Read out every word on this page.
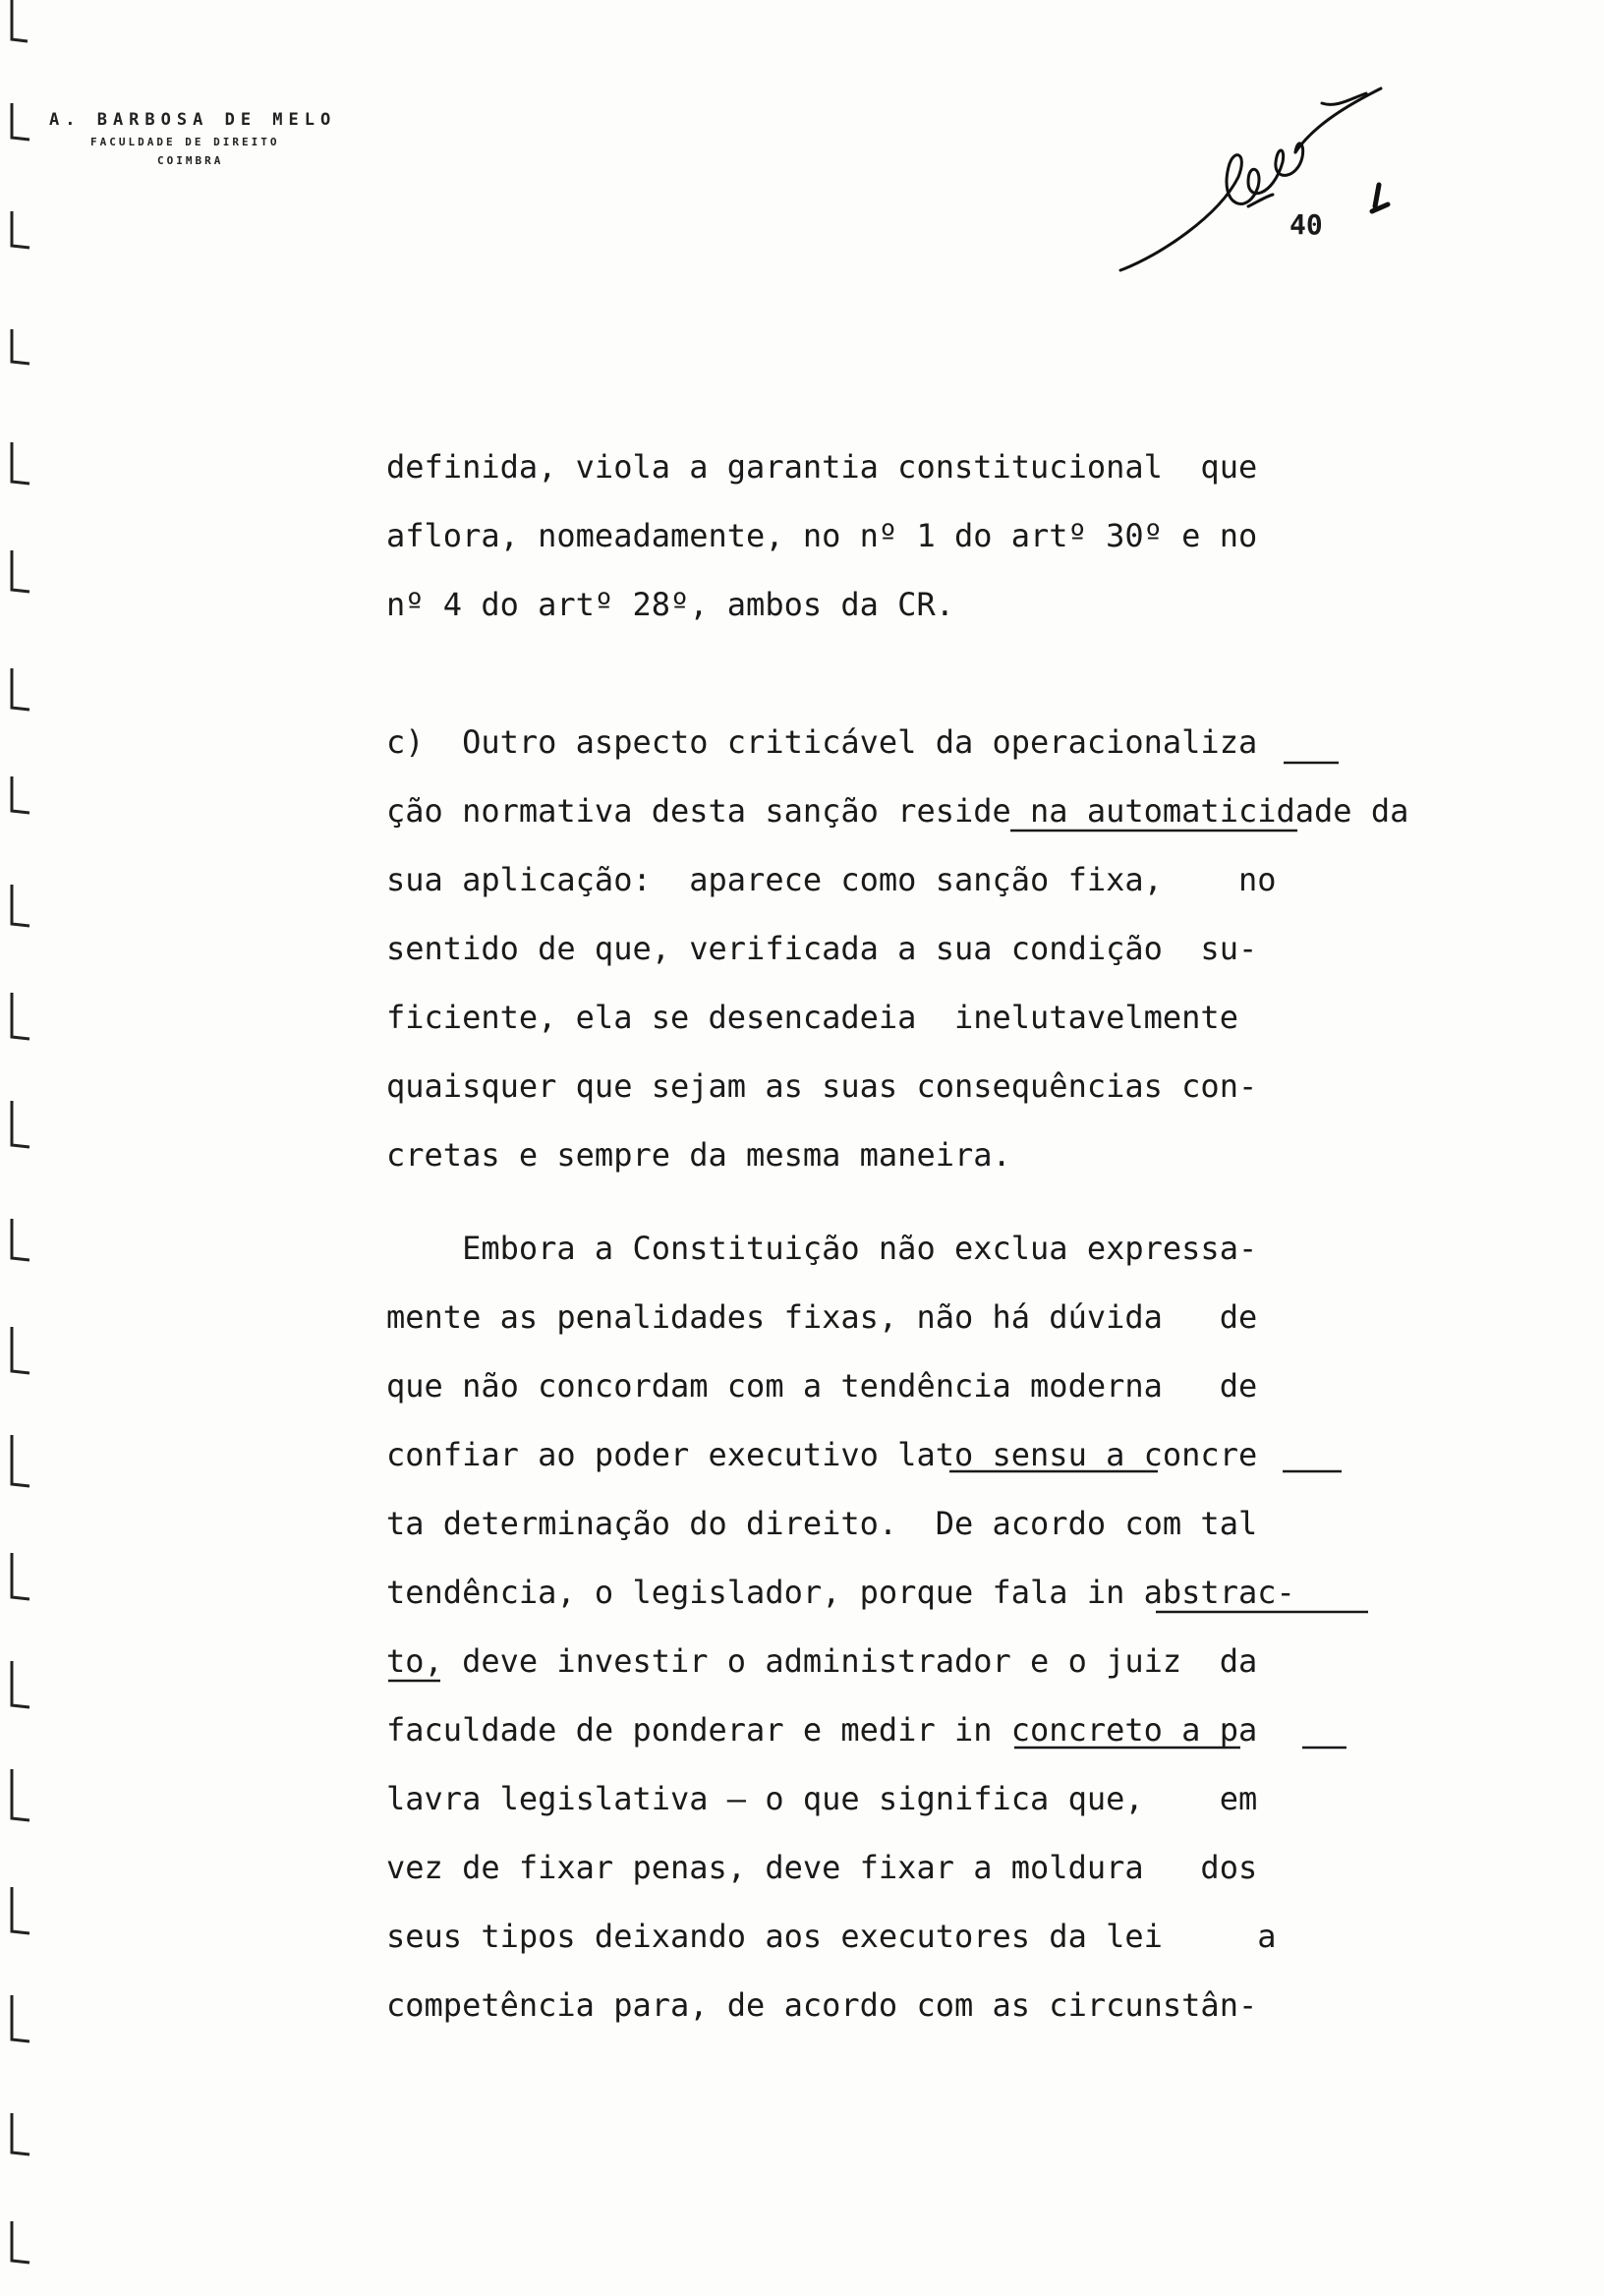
A. BARBOSA DE MELO
FACULDADE DE DIREITO
COIMBRA
40
definida, viola a garantia constitucional  que
aflora, nomeadamente, no nº 1 do artº 30º e no
nº 4 do artº 28º, ambos da CR.
c)  Outro aspecto criticável da operacionaliza
ção normativa desta sanção reside na automaticidade da
sua aplicação:  aparece como sanção fixa,    no
sentido de que, verificada a sua condição  su-
ficiente, ela se desencadeia  inelutavelmente
quaisquer que sejam as suas consequências con-
cretas e sempre da mesma maneira.
Embora a Constituição não exclua expressa-
mente as penalidades fixas, não há dúvida   de
que não concordam com a tendência moderna   de
confiar ao poder executivo lato sensu a concre
ta determinação do direito.  De acordo com tal
tendência, o legislador, porque fala in abstrac-
to, deve investir o administrador e o juiz  da
faculdade de ponderar e medir in concreto a pa
lavra legislativa — o que significa que,    em
vez de fixar penas, deve fixar a moldura   dos
seus tipos deixando aos executores da lei     a
competência para, de acordo com as circunstân-
